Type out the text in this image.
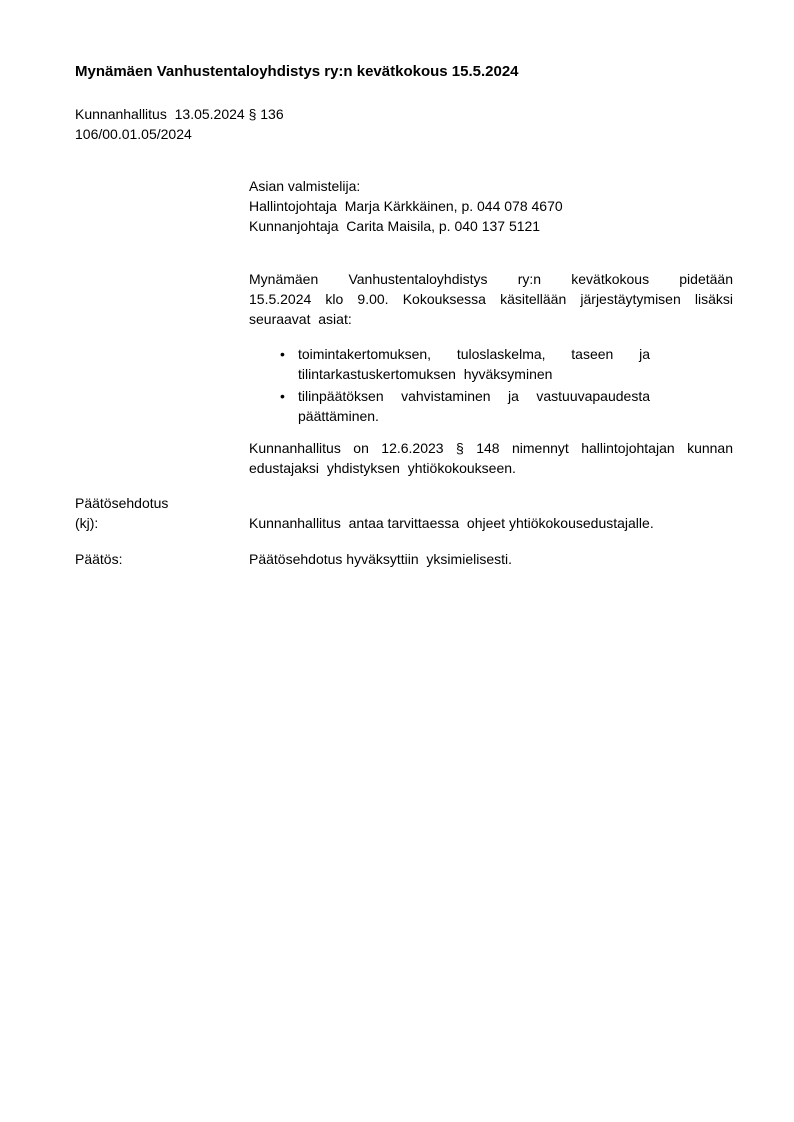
Mynämäen Vanhustentaloyhdistys ry:n kevätkokous 15.5.2024
Kunnanhallitus  13.05.2024 § 136
106/00.01.05/2024
Asian valmistelija:
Hallintojohtaja  Marja Kärkkäinen, p. 044 078 4670
Kunnanjohtaja  Carita Maisila, p. 040 137 5121
Mynämäen Vanhustentaloyhdistys ry:n kevätkokous pidetään
15.5.2024 klo 9.00. Kokouksessa käsitellään järjestäytymisen lisäksi
seuraavat  asiat:
• toimintakertomuksen, tuloslaskelma, taseen ja
tilintarkastuskertomuksen  hyväksyminen
• tilinpäätöksen vahvistaminen ja vastuuvapaudesta
päättäminen.
Kunnanhallitus on 12.6.2023 § 148 nimennyt hallintojohtajan kunnan
edustajaksi  yhdistyksen  yhtiökokoukseen.
Päätösehdotus
(kj):	Kunnanhallitus  antaa tarvittaessa  ohjeet yhtiökokousedustajalle.
Päätös:	Päätösehdotus hyväksyttiin  yksimielisesti.
